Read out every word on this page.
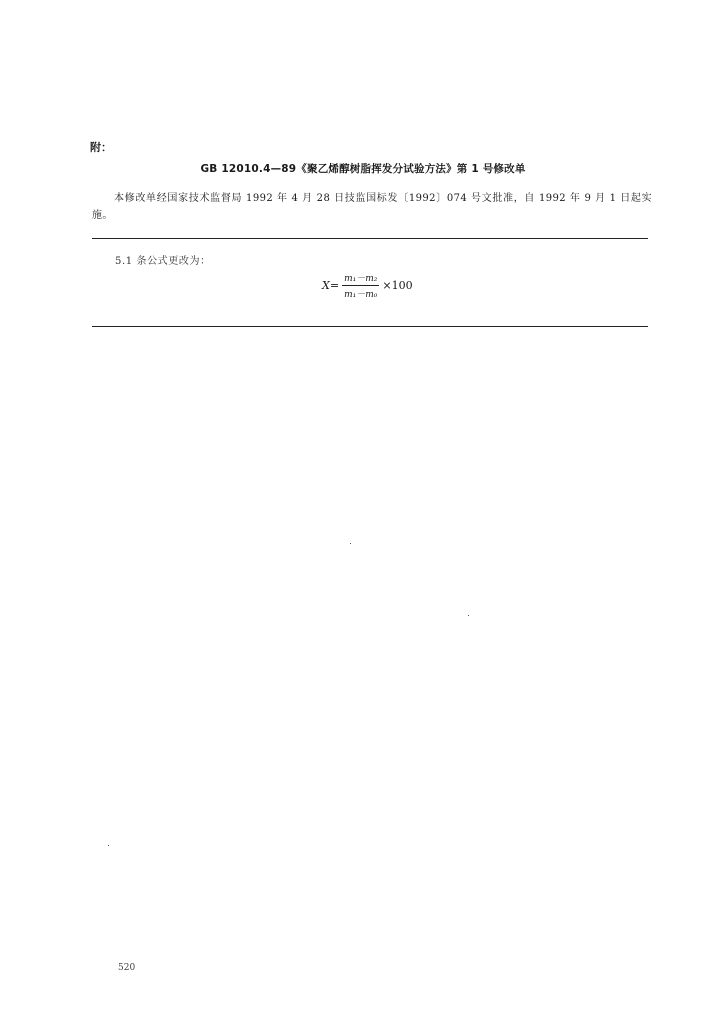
附：
GB 12010.4—89《聚乙烯醇树脂挥发分试验方法》第 1 号修改单
本修改单经国家技术监督局 1992 年 4 月 28 日技监国标发〔1992〕074 号文批准，自 1992 年 9 月 1 日起实施。
5.1 条公式更改为：
$X = \frac{\text{m₁－m₂}}{\text{m₁－m₀}} \times 100$
520
